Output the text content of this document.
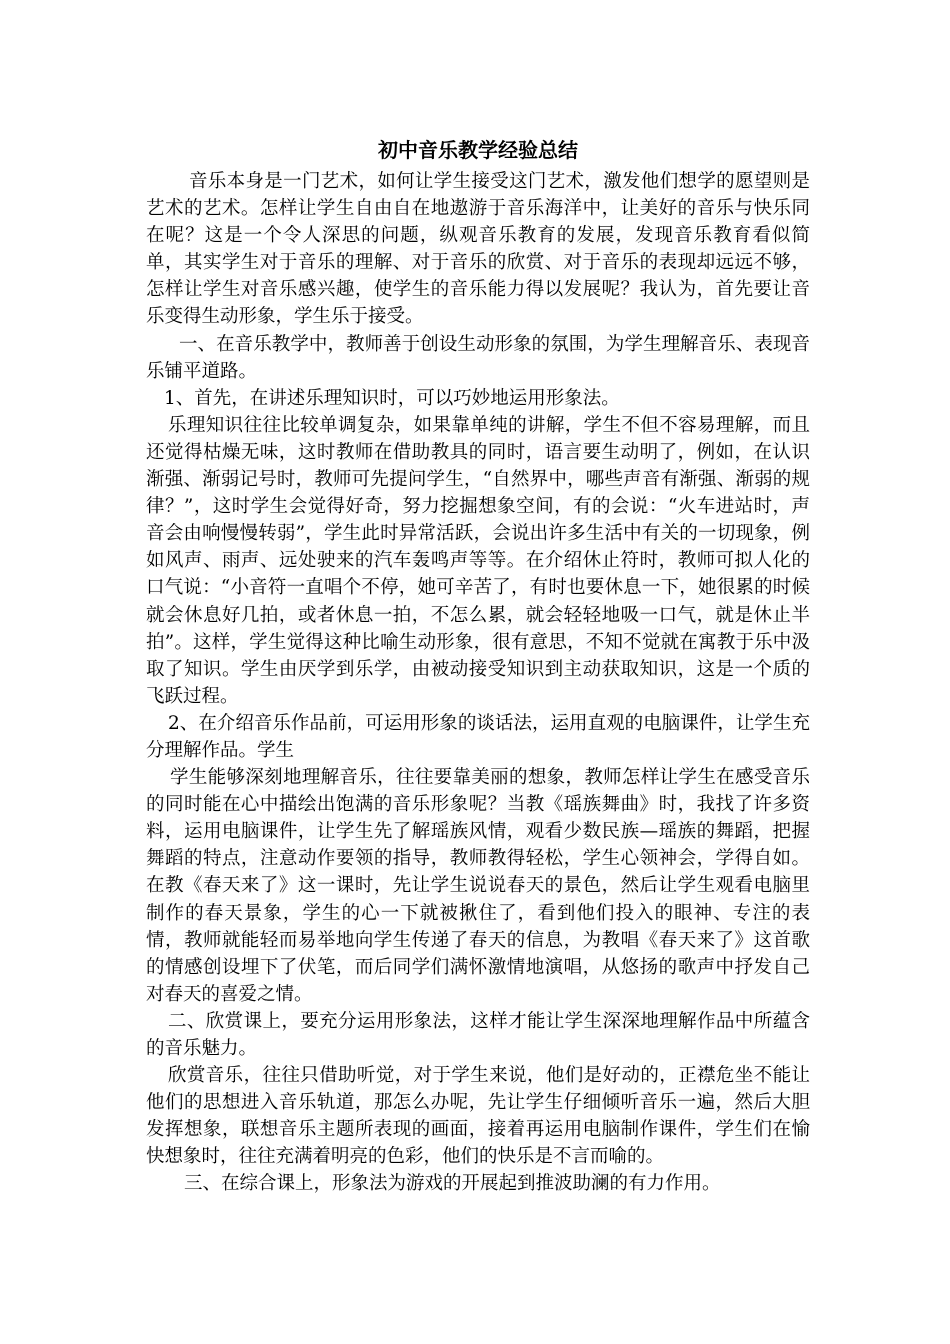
初中音乐教学经验总结

音乐本身是一门艺术，如何让学生接受这门艺术，激发他们想学的愿望则是艺术的艺术。怎样让学生自由自在地遨游于音乐海洋中，让美好的音乐与快乐同在呢？这是一个令人深思的问题，纵观音乐教育的发展，发现音乐教育看似简单，其实学生对于音乐的理解、对于音乐的欣赏、对于音乐的表现却远远不够，怎样让学生对音乐感兴趣，使学生的音乐能力得以发展呢？我认为，首先要让音乐变得生动形象，学生乐于接受。

一、在音乐教学中，教师善于创设生动形象的氛围，为学生理解音乐、表现音乐铺平道路。

1、首先，在讲述乐理知识时，可以巧妙地运用形象法。

乐理知识往往比较单调复杂，如果靠单纯的讲解，学生不但不容易理解，而且还觉得枯燥无味，这时教师在借助教具的同时，语言要生动明了，例如，在认识渐强、渐弱记号时，教师可先提问学生，“自然界中，哪些声音有渐强、渐弱的规律？”，这时学生会觉得好奇，努力挖掘想象空间，有的会说：“火车进站时，声音会由响慢慢转弱”，学生此时异常活跃，会说出许多生活中有关的一切现象，例如风声、雨声、远处驶来的汽车轰鸣声等等。在介绍休止符时，教师可拟人化的口气说：“小音符一直唱个不停，她可辛苦了，有时也要休息一下，她很累的时候就会休息好几拍，或者休息一拍，不怎么累，就会轻轻地吸一口气，就是休止半拍”。这样，学生觉得这种比喻生动形象，很有意思，不知不觉就在寓教于乐中汲取了知识。学生由厌学到乐学，由被动接受知识到主动获取知识，这是一个质的飞跃过程。

2、在介绍音乐作品前，可运用形象的谈话法，运用直观的电脑课件，让学生充分理解作品。学生

学生能够深刻地理解音乐，往往要靠美丽的想象，教师怎样让学生在感受音乐的同时能在心中描绘出饱满的音乐形象呢？当教《瑶族舞曲》时，我找了许多资料，运用电脑课件，让学生先了解瑶族风情，观看少数民族—瑶族的舞蹈，把握舞蹈的特点，注意动作要领的指导，教师教得轻松，学生心领神会，学得自如。在教《春天来了》这一课时，先让学生说说春天的景色，然后让学生观看电脑里制作的春天景象，学生的心一下就被揪住了，看到他们投入的眼神、专注的表情，教师就能轻而易举地向学生传递了春天的信息，为教唱《春天来了》这首歌的情感创设埋下了伏笔，而后同学们满怀激情地演唱，从悠扬的歌声中抒发自己对春天的喜爱之情。

二、欣赏课上，要充分运用形象法，这样才能让学生深深地理解作品中所蕴含的音乐魅力。

欣赏音乐，往往只借助听觉，对于学生来说，他们是好动的，正襟危坐不能让他们的思想进入音乐轨道，那怎么办呢，先让学生仔细倾听音乐一遍，然后大胆发挥想象，联想音乐主题所表现的画面，接着再运用电脑制作课件，学生们在愉快想象时，往往充满着明亮的色彩，他们的快乐是不言而喻的。

三、在综合课上，形象法为游戏的开展起到推波助澜的有力作用。
